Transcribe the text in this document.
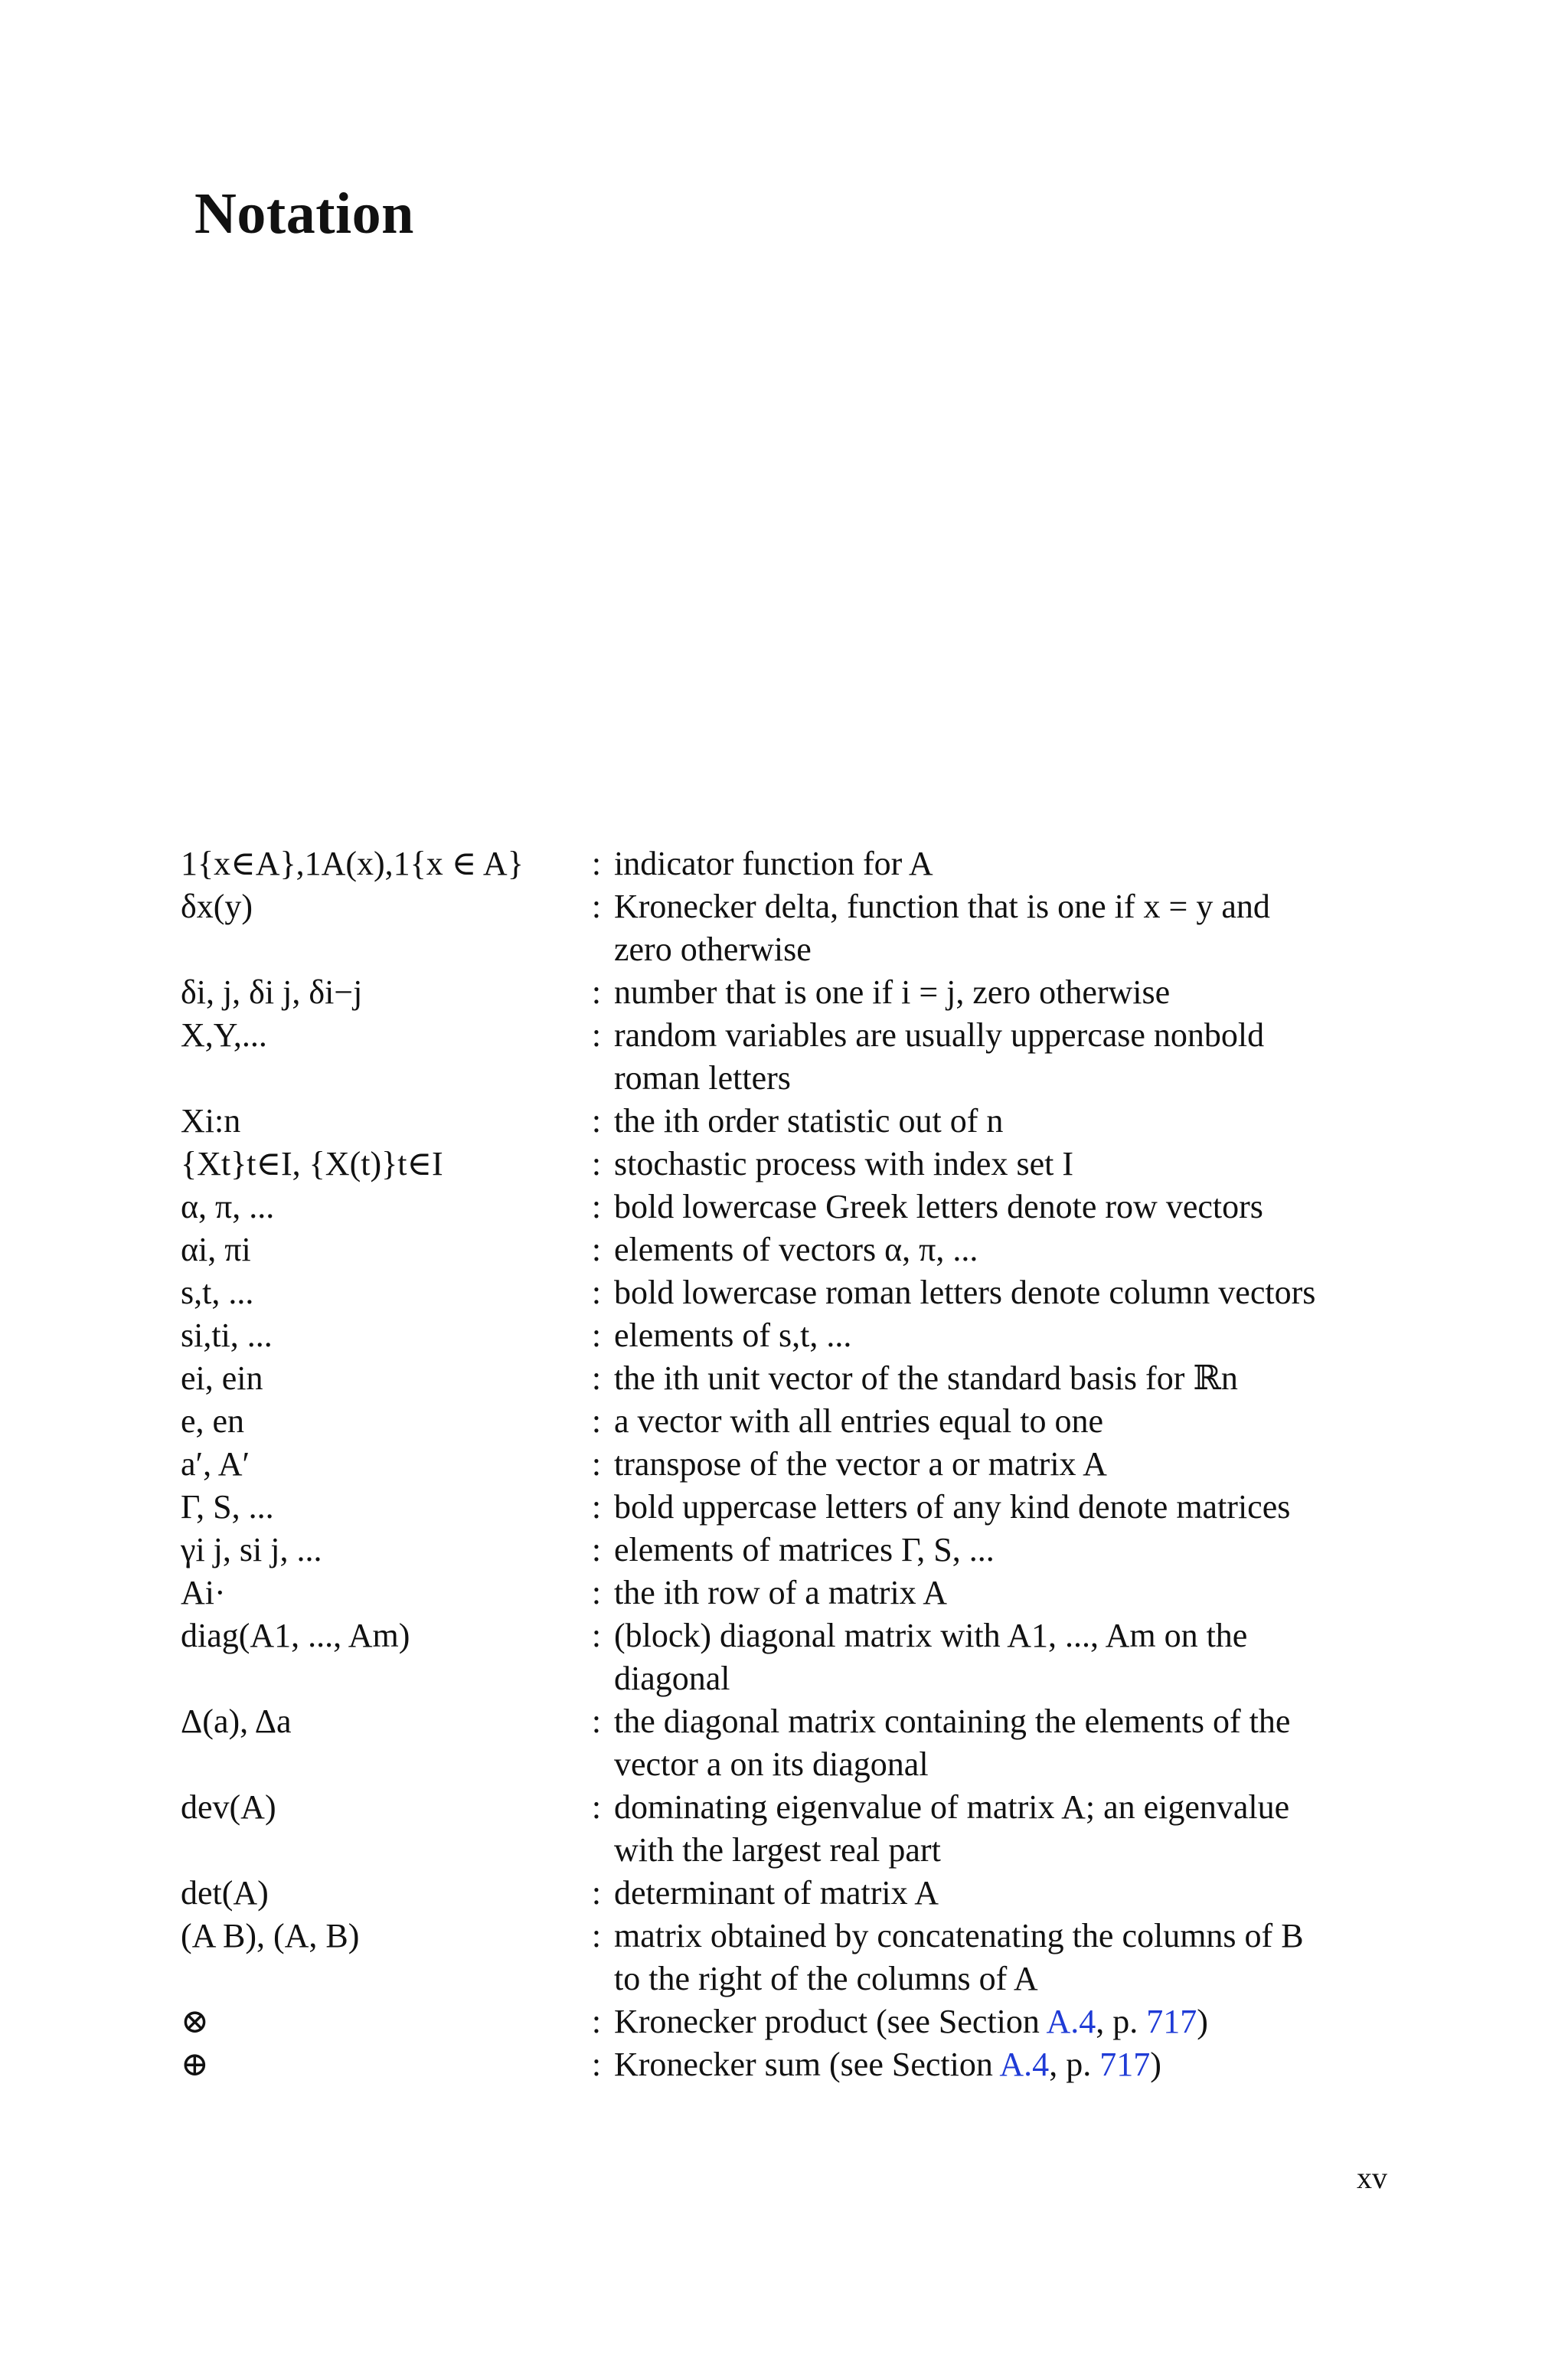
Notation
1{x∈A},1A(x),1{x ∈ A}	: indicator function for A
δx(y)	: Kronecker delta, function that is one if x = y and
zero otherwise
δi, j, δi j, δi−j	: number that is one if i = j, zero otherwise
X,Y,...	: random variables are usually uppercase nonbold
roman letters
Xi:n	: the ith order statistic out of n
{Xt}t∈I, {X(t)}t∈I	: stochastic process with index set I
α, π, ...	: bold lowercase Greek letters denote row vectors
αi, πi	: elements of vectors α, π, ...
s,t, ...	: bold lowercase roman letters denote column vectors
si,ti, ...	: elements of s,t, ...
ei, ein	: the ith unit vector of the standard basis for ℝn
e, en	: a vector with all entries equal to one
a′, A′	: transpose of the vector a or matrix A
Γ, S, ...	: bold uppercase letters of any kind denote matrices
γi j, si j, ...	: elements of matrices Γ, S, ...
Ai·	: the ith row of a matrix A
diag(A1, ..., Am)	: (block) diagonal matrix with A1, ..., Am on the
diagonal
Δ(a), Δa	: the diagonal matrix containing the elements of the
vector a on its diagonal
dev(A)	: dominating eigenvalue of matrix A; an eigenvalue
with the largest real part
det(A)	: determinant of matrix A
(A B), (A, B)	: matrix obtained by concatenating the columns of B
to the right of the columns of A
⊗	: Kronecker product (see Section A.4, p. 717)
⊕	: Kronecker sum (see Section A.4, p. 717)
xv
